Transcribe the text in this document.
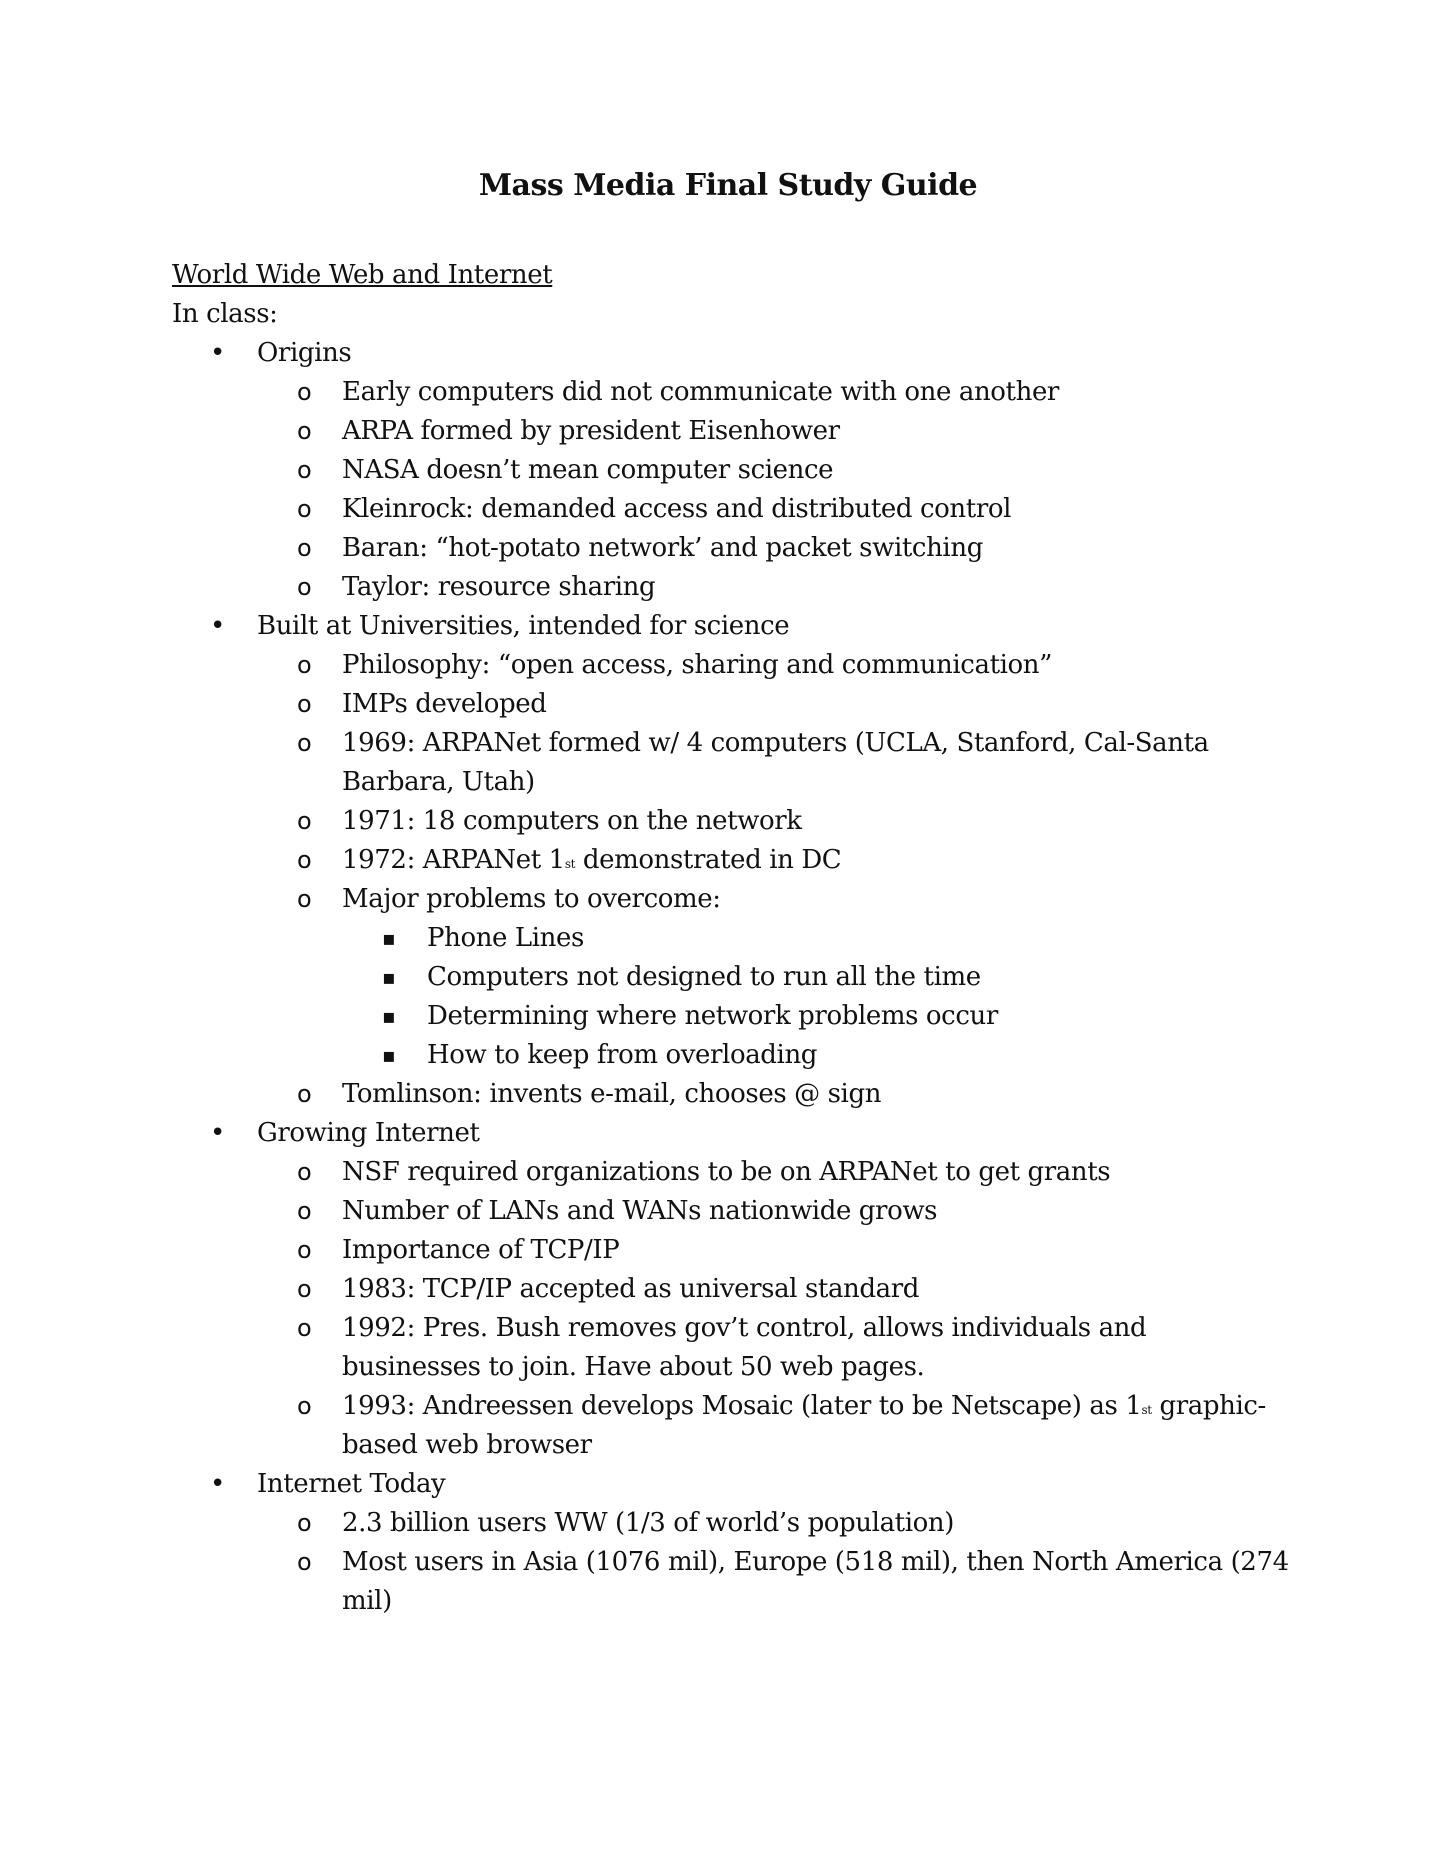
Mass Media Final Study Guide
World Wide Web and Internet
In class:
• Origins
o Early computers did not communicate with one another
o ARPA formed by president Eisenhower
o NASA doesn’t mean computer science
o Kleinrock: demanded access and distributed control
o Baran: “hot-potato network’ and packet switching
o Taylor: resource sharing
• Built at Universities, intended for science
o Philosophy: “open access, sharing and communication”
o IMPs developed
o 1969: ARPANet formed w/ 4 computers (UCLA, Stanford, Cal-Santa Barbara, Utah)
o 1971: 18 computers on the network
o 1972: ARPANet 1st demonstrated in DC
o Major problems to overcome:
▪ Phone Lines
▪ Computers not designed to run all the time
▪ Determining where network problems occur
▪ How to keep from overloading
o Tomlinson: invents e-mail, chooses @ sign
• Growing Internet
o NSF required organizations to be on ARPANet to get grants
o Number of LANs and WANs nationwide grows
o Importance of TCP/IP
o 1983: TCP/IP accepted as universal standard
o 1992: Pres. Bush removes gov’t control, allows individuals and businesses to join. Have about 50 web pages.
o 1993: Andreessen develops Mosaic (later to be Netscape) as 1st graphic-based web browser
• Internet Today
o 2.3 billion users WW (1/3 of world’s population)
o Most users in Asia (1076 mil), Europe (518 mil), then North America (274 mil)
